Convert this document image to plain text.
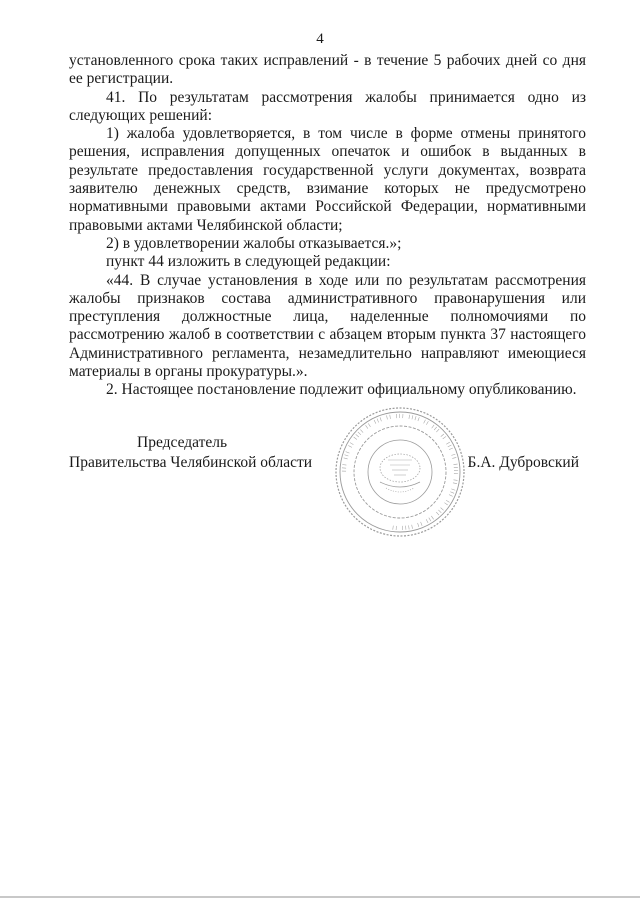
4

установленного срока таких исправлений - в течение 5 рабочих дней со дня ее регистрации.

41. По результатам рассмотрения жалобы принимается одно из следующих решений:

1) жалоба удовлетворяется, в том числе в форме отмены принятого решения, исправления допущенных опечаток и ошибок в выданных в результате предоставления государственной услуги документах, возврата заявителю денежных средств, взимание которых не предусмотрено нормативными правовыми актами Российской Федерации, нормативными правовыми актами Челябинской области;

2) в удовлетворении жалобы отказывается.»;

пункт 44 изложить в следующей редакции:

«44. В случае установления в ходе или по результатам рассмотрения жалобы признаков состава административного правонарушения или преступления должностные лица, наделенные полномочиями по рассмотрению жалоб в соответствии с абзацем вторым пункта 37 настоящего Административного регламента, незамедлительно направляют имеющиеся материалы в органы прокуратуры.».

2. Настоящее постановление подлежит официальному опубликованию.

Председатель
Правительства Челябинской области	Б.А. Дубровский
ΙΙΙ ΙΙΙ ΙΙ ΙΙΙΙ ΙΙ ΙΙΙ ΙΙ ΙΙΙ ΙΙΙΙ ΙΙ ΙΙΙ ΙΙ ΙΙΙ ΙΙ ΙΙΙΙ ΙΙ ΙΙΙ ΙΙ ΙΙΙ ΙΙΙ ΙΙ ΙΙΙΙ ΙΙ
